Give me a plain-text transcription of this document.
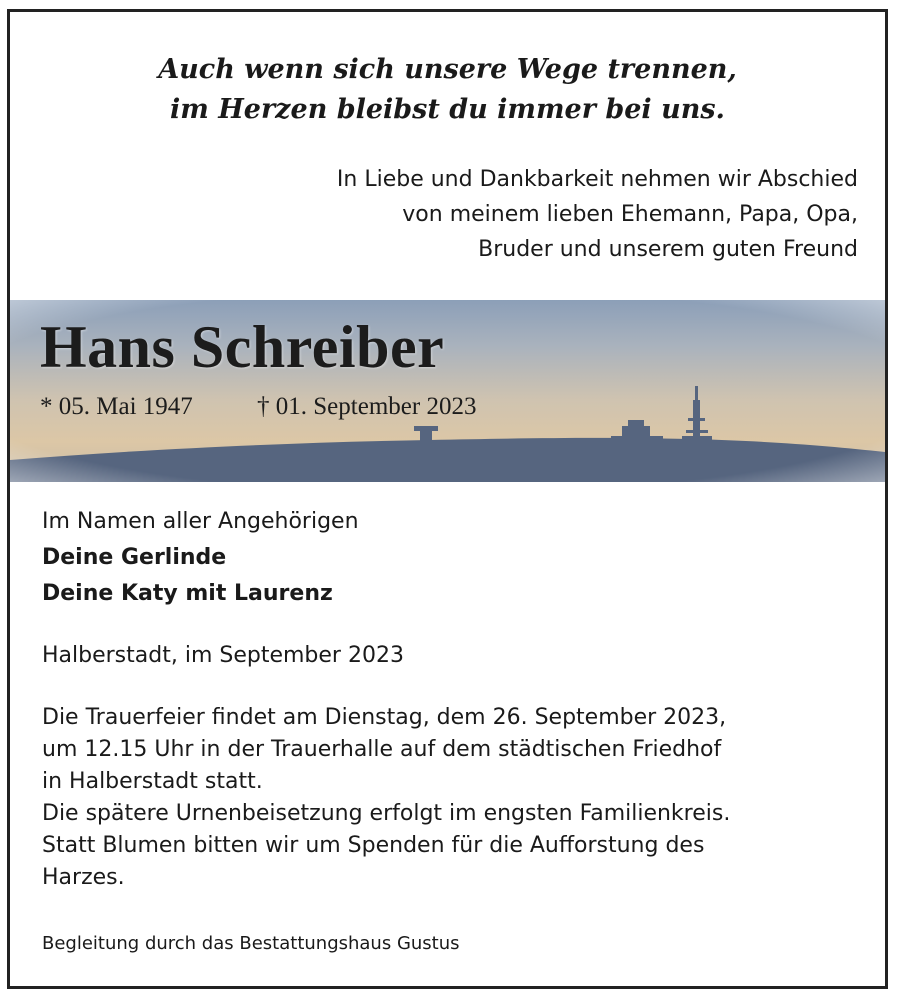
Auch wenn sich unsere Wege trennen,
im Herzen bleibst du immer bei uns.
In Liebe und Dankbarkeit nehmen wir Abschied
von meinem lieben Ehemann, Papa, Opa,
Bruder und unserem guten Freund
Hans Schreiber
* 05. Mai 1947	† 01. September 2023
Im Namen aller Angehörigen
Deine Gerlinde
Deine Katy mit Laurenz
Halberstadt, im September 2023
Die Trauerfeier findet am Dienstag, dem 26. September 2023,
um 12.15 Uhr in der Trauerhalle auf dem städtischen Friedhof
in Halberstadt statt.
Die spätere Urnenbeisetzung erfolgt im engsten Familienkreis.
Statt Blumen bitten wir um Spenden für die Aufforstung des
Harzes.
Begleitung durch das Bestattungshaus Gustus
